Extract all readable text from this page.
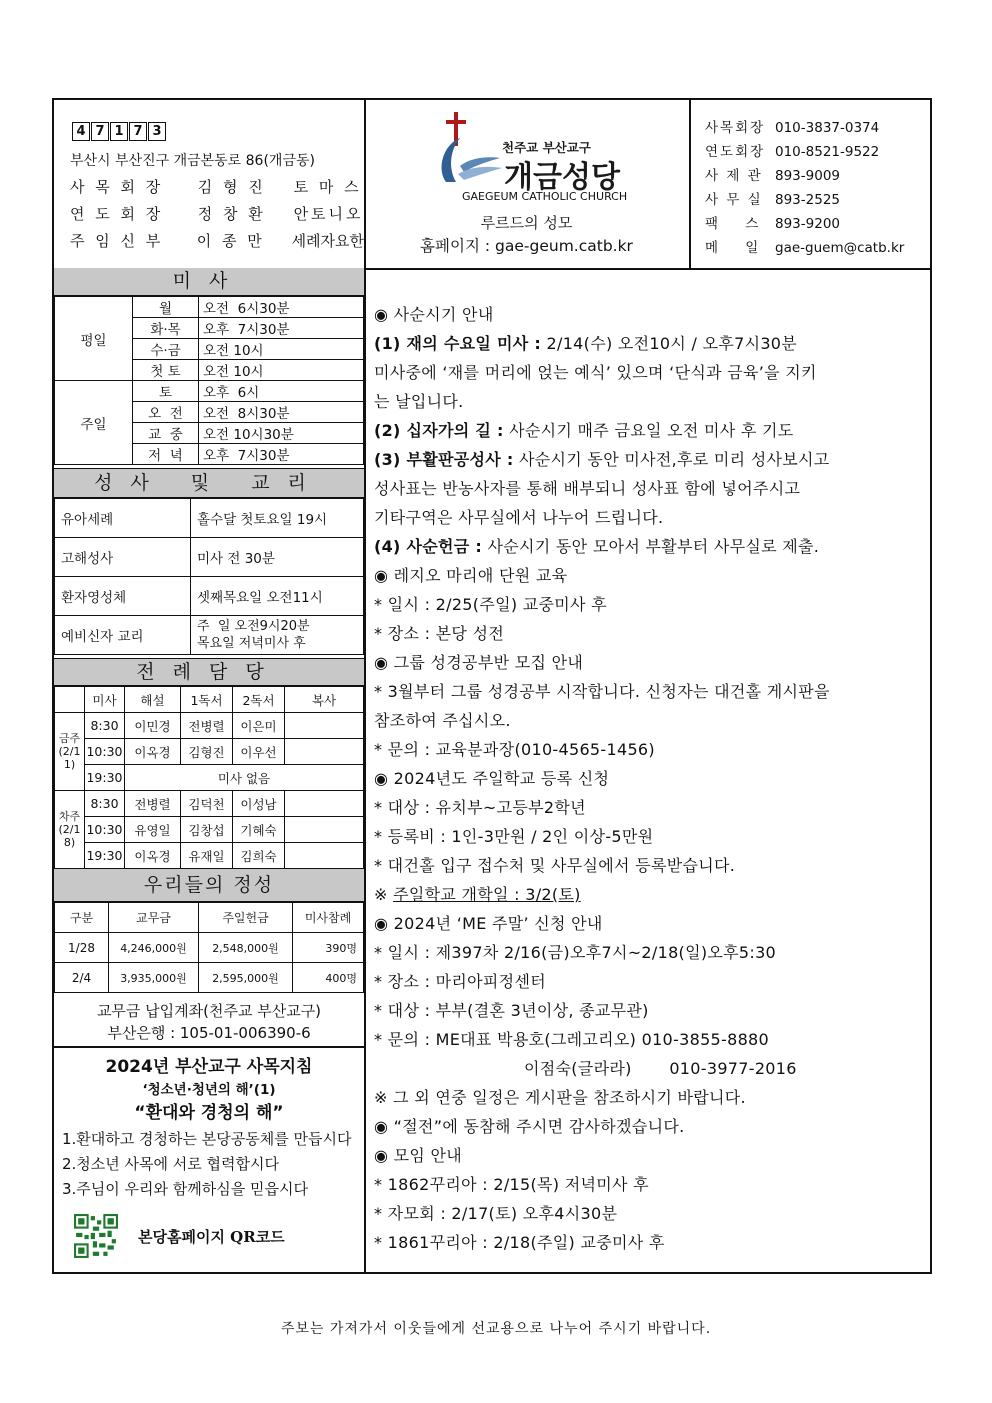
4 7 1 7 3
부산시 부산진구 개금본동로 86(개금동)
사 목 회 장 김 형 진 토 마 스
연 도 회 장 정 창 환 안토니오
주 임 신 부 이 종 만 세례자요한
천주교 부산교구
개금성당
GAEGEUM CATHOLIC CHURCH
루르드의 성모
홈페이지 : gae-geum.catb.kr
사목회장 010-3837-0374
연도회장 010-8521-9522
사 제 관 893-9009
사 무 실 893-2525
팩    스 893-9200
메    일 gae-guem@catb.kr
미사
평일	월	오전  6시30분
	화·목	오후  7시30분
	수·금	오전 10시
	첫 토	오전 10시
주일	토	오후  6시
	오  전	오전  8시30분
	교  중	오전 10시30분
	저  녁	오후  7시30분
성사 및 교리
유아세례	홀수달 첫토요일 19시
고해성사	미사 전 30분
환자영성체	셋째목요일 오전11시
예비신자 교리	주  일 오전9시20분
목요일 저녁미사 후
전례담당
	미사	해설	1독서	2독서	복사
금주(2/11)	8:30	이민경	전병렬	이은미	
	10:30	이옥경	김형진	이우선	
	19:30	미사 없음			
차주(2/18)	8:30	전병렬	김덕천	이성남	
	10:30	유영일	김창섭	기혜숙	
	19:30	이옥경	유재일	김희숙	
우리들의 정성
구분	교무금	주일헌금	미사참례
1/28	4,246,000원	2,548,000원	390명
2/4	3,935,000원	2,595,000원	400명
교무금 납입계좌(천주교 부산교구)
부산은행 : 105-01-006390-6
2024년 부산교구 사목지침
‘청소년·청년의 해’(1)
“환대와 경청의 해”
1.환대하고 경청하는 본당공동체를 만듭시다
2.청소년 사목에 서로 협력합시다
3.주님이 우리와 함께하심을 믿읍시다
본당홈페이지 QR코드
◉ 사순시기 안내
(1) 재의 수요일 미사 : 2/14(수) 오전10시 / 오후7시30분
미사중에 ‘재를 머리에 얹는 예식’ 있으며 ‘단식과 금육’을 지키
는 날입니다.
(2) 십자가의 길 : 사순시기 매주 금요일 오전 미사 후 기도
(3) 부활판공성사 : 사순시기 동안 미사전,후로 미리 성사보시고
성사표는 반농사자를 통해 배부되니 성사표 함에 넣어주시고
기타구역은 사무실에서 나누어 드립니다.
(4) 사순헌금 : 사순시기 동안 모아서 부활부터 사무실로 제출.
◉ 레지오 마리애 단원 교육
* 일시 : 2/25(주일) 교중미사 후
* 장소 : 본당 성전
◉ 그룹 성경공부반 모집 안내
* 3월부터 그룹 성경공부 시작합니다. 신청자는 대건홀 게시판을
참조하여 주십시오.
* 문의 : 교육분과장(010-4565-1456)
◉ 2024년도 주일학교 등록 신청
* 대상 : 유치부~고등부2학년
* 등록비 : 1인-3만원 / 2인 이상-5만원
* 대건홀 입구 접수처 및 사무실에서 등록받습니다.
※ 주일학교 개학일 : 3/2(토)
◉ 2024년 ‘ME 주말’ 신청 안내
* 일시 : 제397차 2/16(금)오후7시~2/18(일)오후5:30
* 장소 : 마리아피정센터
* 대상 : 부부(결혼 3년이상, 종교무관)
* 문의 : ME대표 박용호(그레고리오) 010-3855-8880
이점숙(글라라)       010-3977-2016
※ 그 외 연중 일정은 게시판을 참조하시기 바랍니다.
◉ “절전”에 동참해 주시면 감사하겠습니다.
◉ 모임 안내
* 1862꾸리아 : 2/15(목) 저녁미사 후
* 자모회 : 2/17(토) 오후4시30분
* 1861꾸리아 : 2/18(주일) 교중미사 후
주보는 가져가서 이웃들에게 선교용으로 나누어 주시기 바랍니다.
